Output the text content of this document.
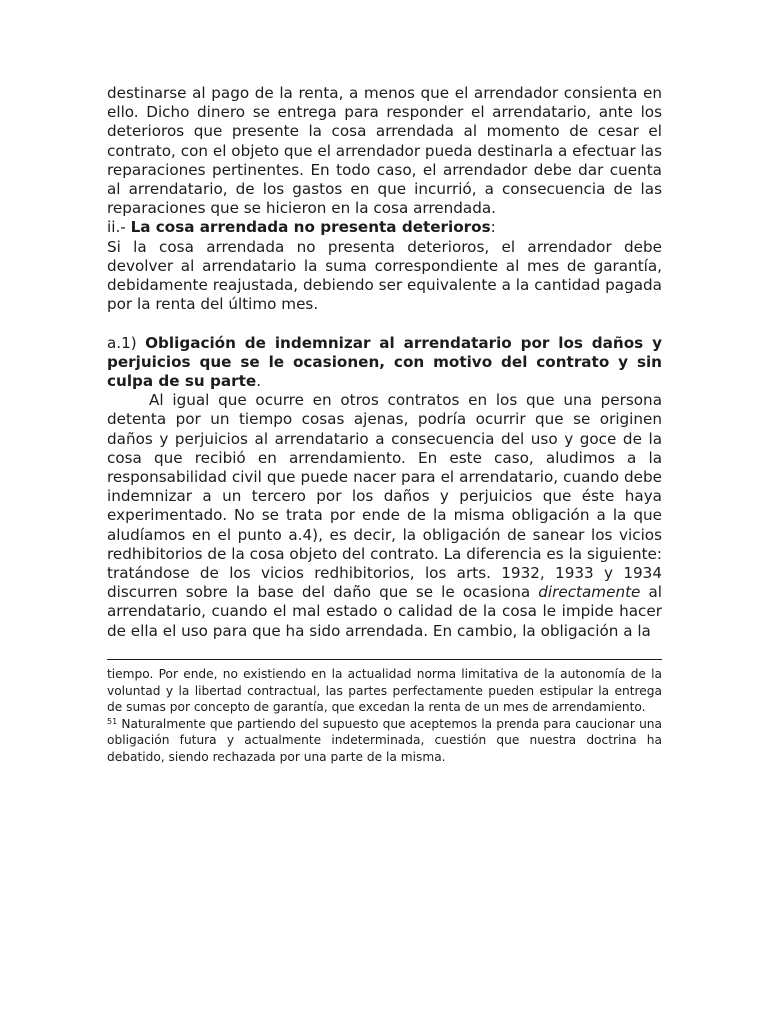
destinarse al pago de la renta, a menos que el arrendador consienta en ello. Dicho dinero se entrega para responder el arrendatario, ante los deterioros que presente la cosa arrendada al momento de cesar el contrato, con el objeto que el arrendador pueda destinarla a efectuar las reparaciones pertinentes. En todo caso, el arrendador debe dar cuenta al arrendatario, de los gastos en que incurrió, a consecuencia de las reparaciones que se hicieron en la cosa arrendada.

ii.- La cosa arrendada no presenta deterioros:

Si la cosa arrendada no presenta deterioros, el arrendador debe devolver al arrendatario la suma correspondiente al mes de garantía, debidamente reajustada, debiendo ser equivalente a la cantidad pagada por la renta del último mes.

a.1) Obligación de indemnizar al arrendatario por los daños y perjuicios que se le ocasionen, con motivo del contrato y sin culpa de su parte.

Al igual que ocurre en otros contratos en los que una persona detenta por un tiempo cosas ajenas, podría ocurrir que se originen daños y perjuicios al arrendatario a consecuencia del uso y goce de la cosa que recibió en arrendamiento. En este caso, aludimos a la responsabilidad civil que puede nacer para el arrendatario, cuando debe indemnizar a un tercero por los daños y perjuicios que éste haya experimentado. No se trata por ende de la misma obligación a la que aludíamos en el punto a.4), es decir, la obligación de sanear los vicios redhibitorios de la cosa objeto del contrato. La diferencia es la siguiente: tratándose de los vicios redhibitorios, los arts. 1932, 1933 y 1934 discurren sobre la base del daño que se le ocasiona directamente al arrendatario, cuando el mal estado o calidad de la cosa le impide hacer de ella el uso para que ha sido arrendada. En cambio, la obligación a la

tiempo. Por ende, no existiendo en la actualidad norma limitativa de la autonomía de la voluntad y la libertad contractual, las partes perfectamente pueden estipular la entrega de sumas por concepto de garantía, que excedan la renta de un mes de arrendamiento.

$^{51}$ Naturalmente que partiendo del supuesto que aceptemos la prenda para caucionar una obligación futura y actualmente indeterminada, cuestión que nuestra doctrina ha debatido, siendo rechazada por una parte de la misma.
